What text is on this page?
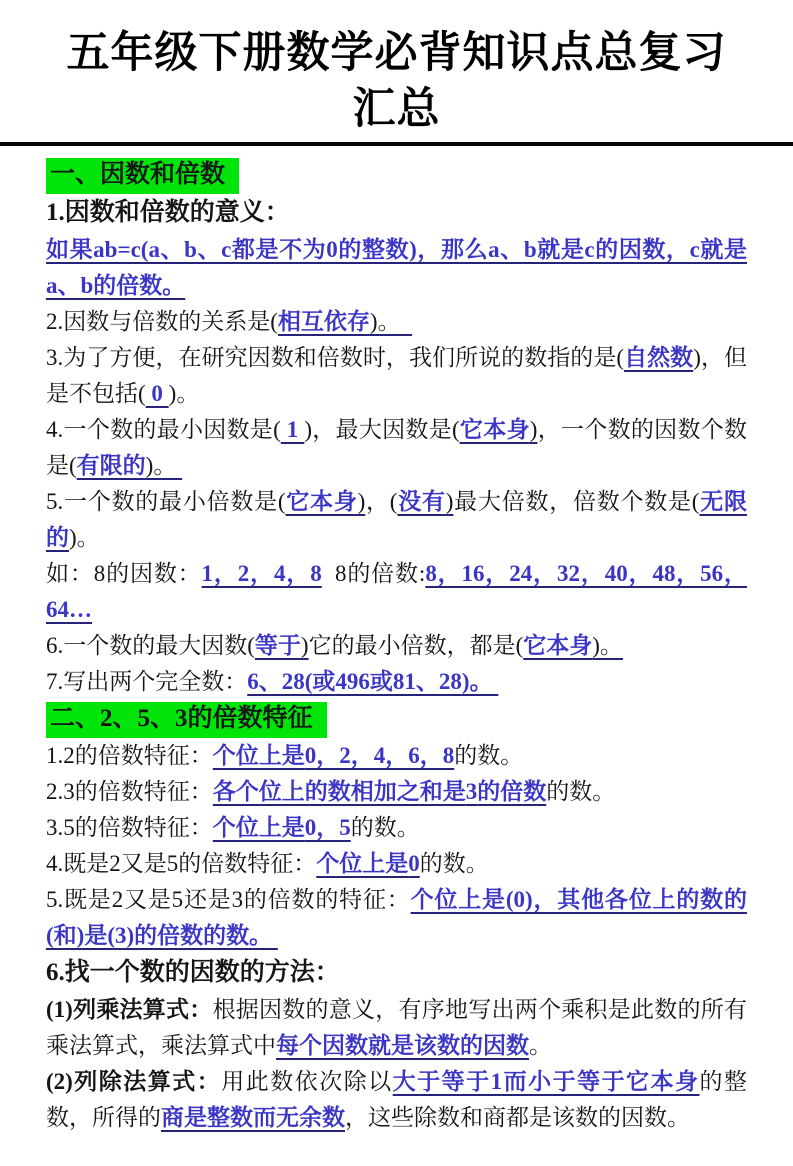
五年级下册数学必背知识点总复习汇总
一、因数和倍数
1.因数和倍数的意义：
如果ab=c(a、b、c都是不为0的整数)，那么a、b就是c的因数，c就是a、b的倍数。
2.因数与倍数的关系是(相互依存)。
3.为了方便，在研究因数和倍数时，我们所说的数指的是(自然数)，但是不包括( 0 )。
4.一个数的最小因数是( 1 )，最大因数是(它本身)，一个数的因数个数是(有限的)。
5.一个数的最小倍数是(它本身)，(没有)最大倍数，倍数个数是(无限的)。
如：8的因数：1，2，4，8  8的倍数:8，16，24，32，40，48，56，64…
6.一个数的最大因数(等于)它的最小倍数，都是(它本身)。
7.写出两个完全数：6、28(或496或81、28)。
二、2、5、3的倍数特征
1.2的倍数特征：个位上是0，2，4，6，8的数。
2.3的倍数特征：各个位上的数相加之和是3的倍数的数。
3.5的倍数特征：个位上是0，5的数。
4.既是2又是5的倍数特征：个位上是0的数。
5.既是2又是5还是3的倍数的特征：个位上是(0)，其他各位上的数的(和)是(3)的倍数的数。
6.找一个数的因数的方法：
(1)列乘法算式：根据因数的意义，有序地写出两个乘积是此数的所有乘法算式，乘法算式中每个因数就是该数的因数。
(2)列除法算式：用此数依次除以大于等于1而小于等于它本身的整数，所得的商是整数而无余数，这些除数和商都是该数的因数。
